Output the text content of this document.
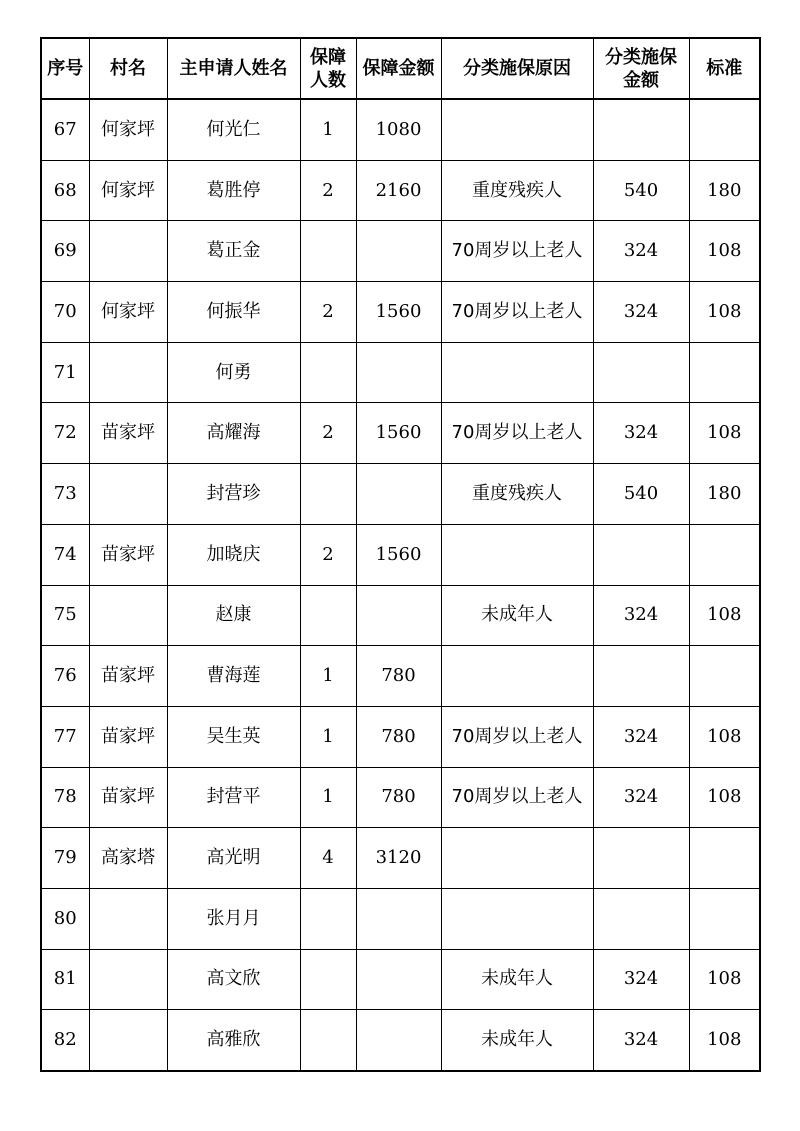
序号	村名	主申请人姓名	保障人数	保障金额	分类施保原因	分类施保金额	标准
67	何家坪	何光仁	1	1080			
68	何家坪	葛胜停	2	2160	重度残疾人	540	180
69		葛正金			70周岁以上老人	324	108
70	何家坪	何振华	2	1560	70周岁以上老人	324	108
71		何勇					
72	苗家坪	高耀海	2	1560	70周岁以上老人	324	108
73		封营珍			重度残疾人	540	180
74	苗家坪	加晓庆	2	1560			
75		赵康			未成年人	324	108
76	苗家坪	曹海莲	1	780			
77	苗家坪	吴生英	1	780	70周岁以上老人	324	108
78	苗家坪	封营平	1	780	70周岁以上老人	324	108
79	高家塔	高光明	4	3120			
80		张月月					
81		高文欣			未成年人	324	108
82		高雅欣			未成年人	324	108
